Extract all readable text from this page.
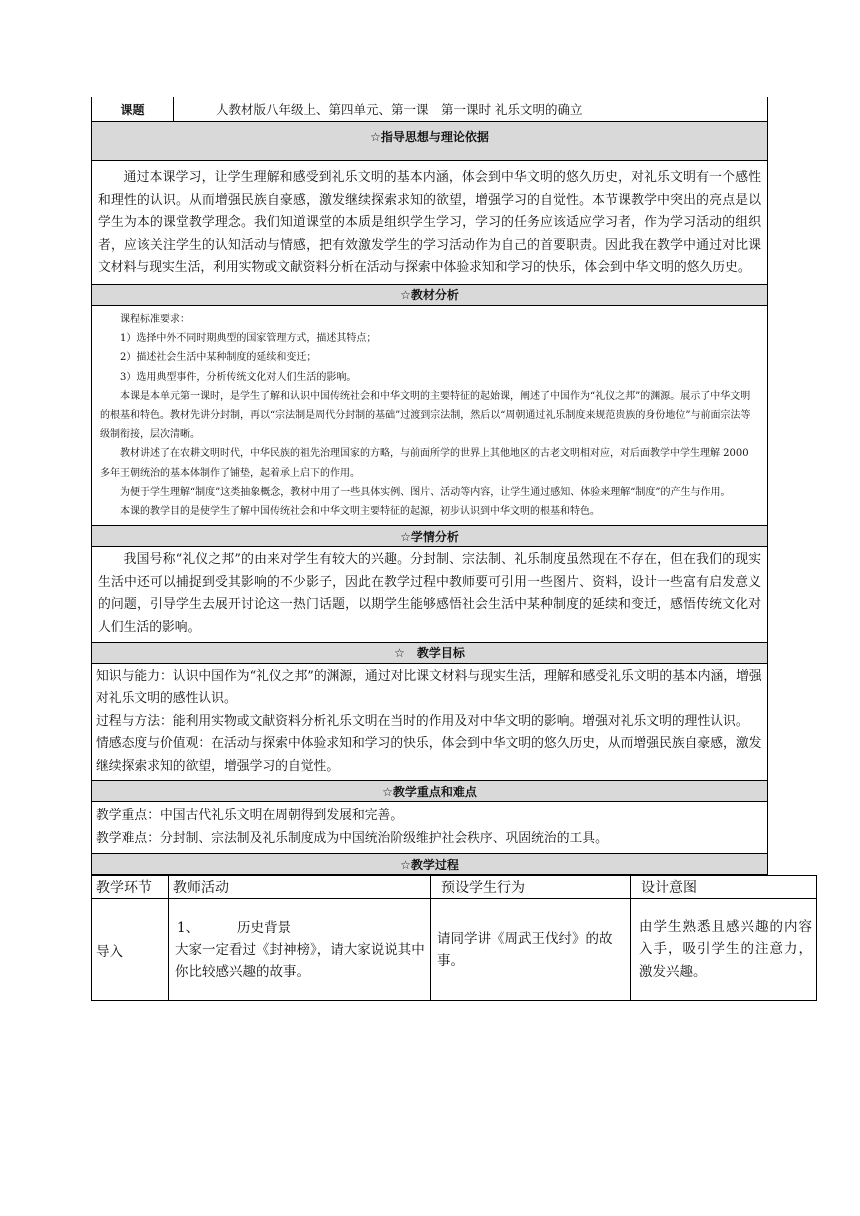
课题	人教材版八年级上、第四单元、第一课　第一课时 礼乐文明的确立
☆指导思想与理论依据

通过本课学习，让学生理解和感受到礼乐文明的基本内涵，体会到中华文明的悠久历史，对礼乐文明有一个感性和理性的认识。从而增强民族自豪感，激发继续探索求知的欲望，增强学习的自觉性。本节课教学中突出的亮点是以学生为本的课堂教学理念。我们知道课堂的本质是组织学生学习，学习的任务应该适应学习者，作为学习活动的组织者，应该关注学生的认知活动与情感，把有效激发学生的学习活动作为自己的首要职责。因此我在教学中通过对比课文材料与现实生活，利用实物或文献资料分析在活动与探索中体验求知和学习的快乐，体会到中华文明的悠久历史。

☆教材分析

课程标准要求：

1）选择中外不同时期典型的国家管理方式，描述其特点；

2）描述社会生活中某种制度的延续和变迁；

3）选用典型事件，分析传统文化对人们生活的影响。

本课是本单元第一课时，是学生了解和认识中国传统社会和中华文明的主要特征的起始课，阐述了中国作为“礼仪之邦”的渊源。展示了中华文明的根基和特色。教材先讲分封制，再以“宗法制是周代分封制的基础”过渡到宗法制，然后以“周朝通过礼乐制度来规范贵族的身份地位”与前面宗法等级制衔接，层次清晰。

教材讲述了在农耕文明时代，中华民族的祖先治理国家的方略，与前面所学的世界上其他地区的古老文明相对应，对后面教学中学生理解 2000 多年王朝统治的基本体制作了铺垫，起着承上启下的作用。

为便于学生理解“制度”这类抽象概念，教材中用了一些具体实例、图片、活动等内容，让学生通过感知、体验来理解“制度”的产生与作用。

本课的教学目的是使学生了解中国传统社会和中华文明主要特征的起源，初步认识到中华文明的根基和特色。

☆学情分析

我国号称“礼仪之邦”的由来对学生有较大的兴趣。分封制、宗法制、礼乐制度虽然现在不存在，但在我们的现实生活中还可以捕捉到受其影响的不少影子，因此在教学过程中教师要可引用一些图片、资料，设计一些富有启发意义的问题，引导学生去展开讨论这一热门话题，以期学生能够感悟社会生活中某种制度的延续和变迁，感悟传统文化对人们生活的影响。

☆　教学目标

知识与能力：认识中国作为“礼仪之邦”的渊源，通过对比课文材料与现实生活，理解和感受礼乐文明的基本内涵，增强对礼乐文明的感性认识。

过程与方法：能利用实物或文献资料分析礼乐文明在当时的作用及对中华文明的影响。增强对礼乐文明的理性认识。

情感态度与价值观：在活动与探索中体验求知和学习的快乐，体会到中华文明的悠久历史，从而增强民族自豪感，激发继续探索求知的欲望，增强学习的自觉性。

☆教学重点和难点

教学重点：中国古代礼乐文明在周朝得到发展和完善。

教学难点：分封制、宗法制及礼乐制度成为中国统治阶级维护社会秩序、巩固统治的工具。

☆教学过程
教学环节	教师活动	预设学生行为	设计意图
导入	1、 历史背景
大家一定看过《封神榜》，请大家说说其中你比较感兴趣的故事。	请同学讲《周武王伐纣》的故事。	由学生熟悉且感兴趣的内容入手，吸引学生的注意力，激发兴趣。
